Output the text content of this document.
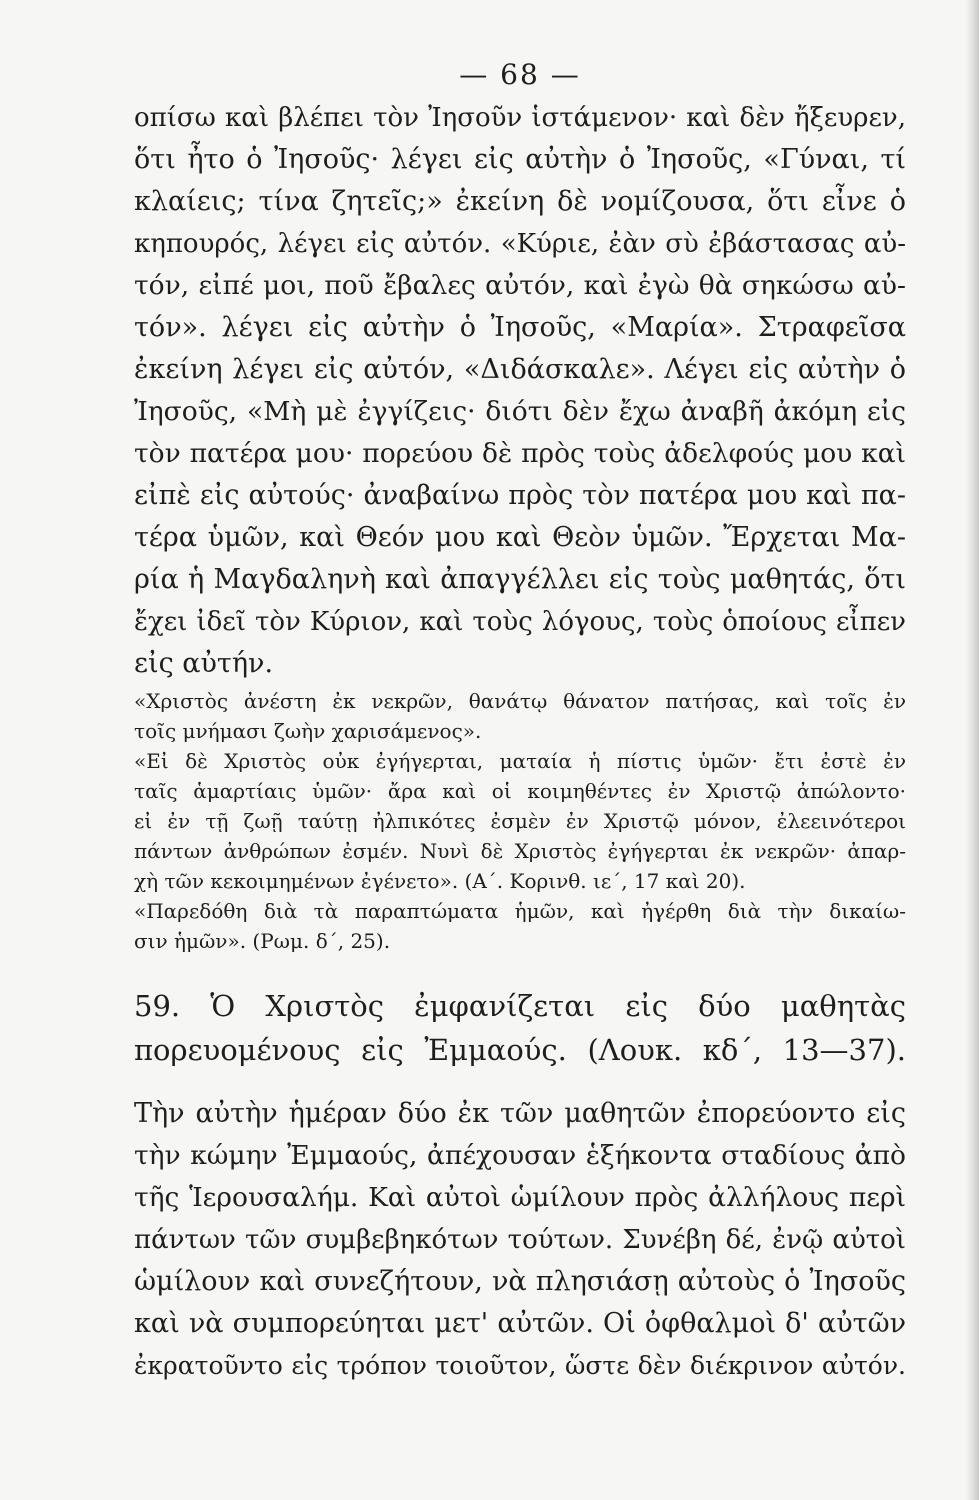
— 68 —
οπίσω καὶ βλέπει τὸν Ἰησοῦν ἱστάμενον· καὶ δὲν ἤξευρεν,
ὅτι ἦτο ὁ Ἰησοῦς· λέγει εἰς αὐτὴν ὁ Ἰησοῦς, «Γύναι, τί
κλαίεις; τίνα ζητεῖς;» ἐκείνη δὲ νομίζουσα, ὅτι εἶνε ὁ
κηπουρός, λέγει εἰς αὐτόν. «Κύριε, ἐὰν σὺ ἐβάστασας αὐ-
τόν, εἰπέ μοι, ποῦ ἔβαλες αὐτόν, καὶ ἐγὼ θὰ σηκώσω αὐ-
τόν». λέγει εἰς αὐτὴν ὁ Ἰησοῦς, «Μαρία». Στραφεῖσα
ἐκείνη λέγει εἰς αὐτόν, «Διδάσκαλε». Λέγει εἰς αὐτὴν ὁ
Ἰησοῦς, «Μὴ μὲ ἐγγίζεις· διότι δὲν ἔχω ἀναβῆ ἀκόμη εἰς
τὸν πατέρα μου· πορεύου δὲ πρὸς τοὺς ἀδελφούς μου καὶ
εἰπὲ εἰς αὐτούς· ἀναβαίνω πρὸς τὸν πατέρα μου καὶ πα-
τέρα ὑμῶν, καὶ Θεόν μου καὶ Θεὸν ὑμῶν. Ἔρχεται Μα-
ρία ἡ Μαγδαληνὴ καὶ ἀπαγγέλλει εἰς τοὺς μαθητάς, ὅτι
ἔχει ἰδεῖ τὸν Κύριον, καὶ τοὺς λόγους, τοὺς ὁποίους εἶπεν
εἰς αὐτήν.
«Χριστὸς ἀνέστη ἐκ νεκρῶν, θανάτῳ θάνατον πατήσας, καὶ τοῖς ἐν
τοῖς μνήμασι ζωὴν χαρισάμενος».
«Εἰ δὲ Χριστὸς οὐκ ἐγήγερται, ματαία ἡ πίστις ὑμῶν· ἔτι ἐστὲ ἐν
ταῖς ἁμαρτίαις ὑμῶν· ἄρα καὶ οἱ κοιμηθέντες ἐν Χριστῷ ἀπώλοντο·
εἰ ἐν τῇ ζωῇ ταύτῃ ἠλπικότες ἐσμὲν ἐν Χριστῷ μόνον, ἐλεεινότεροι
πάντων ἀνθρώπων ἐσμέν. Νυνὶ δὲ Χριστὸς ἐγήγερται ἐκ νεκρῶν· ἀπαρ-
χὴ τῶν κεκοιμημένων ἐγένετο». (Α΄. Κορινθ. ιε΄, 17 καὶ 20).
«Παρεδόθη διὰ τὰ παραπτώματα ἡμῶν, καὶ ἠγέρθη διὰ τὴν δικαίω-
σιν ἡμῶν». (Ρωμ. δ΄, 25).
59. Ὁ Χριστὸς ἐμφανίζεται εἰς δύο μαθητὰς
πορευομένους εἰς Ἐμμαούς. (Λουκ. κδ΄, 13—37).
Τὴν αὐτὴν ἡμέραν δύο ἐκ τῶν μαθητῶν ἐπορεύοντο εἰς
τὴν κώμην Ἐμμαούς, ἀπέχουσαν ἑξήκοντα σταδίους ἀπὸ
τῆς Ἱερουσαλήμ. Καὶ αὐτοὶ ὡμίλουν πρὸς ἀλλήλους περὶ
πάντων τῶν συμβεβηκότων τούτων. Συνέβη δέ, ἐνῷ αὐτοὶ
ὡμίλουν καὶ συνεζήτουν, νὰ πλησιάσῃ αὐτοὺς ὁ Ἰησοῦς
καὶ νὰ συμπορεύηται μετ' αὐτῶν. Οἱ ὀφθαλμοὶ δ' αὐτῶν
ἐκρατοῦντο εἰς τρόπον τοιοῦτον, ὥστε δὲν διέκρινον αὐτόν.
